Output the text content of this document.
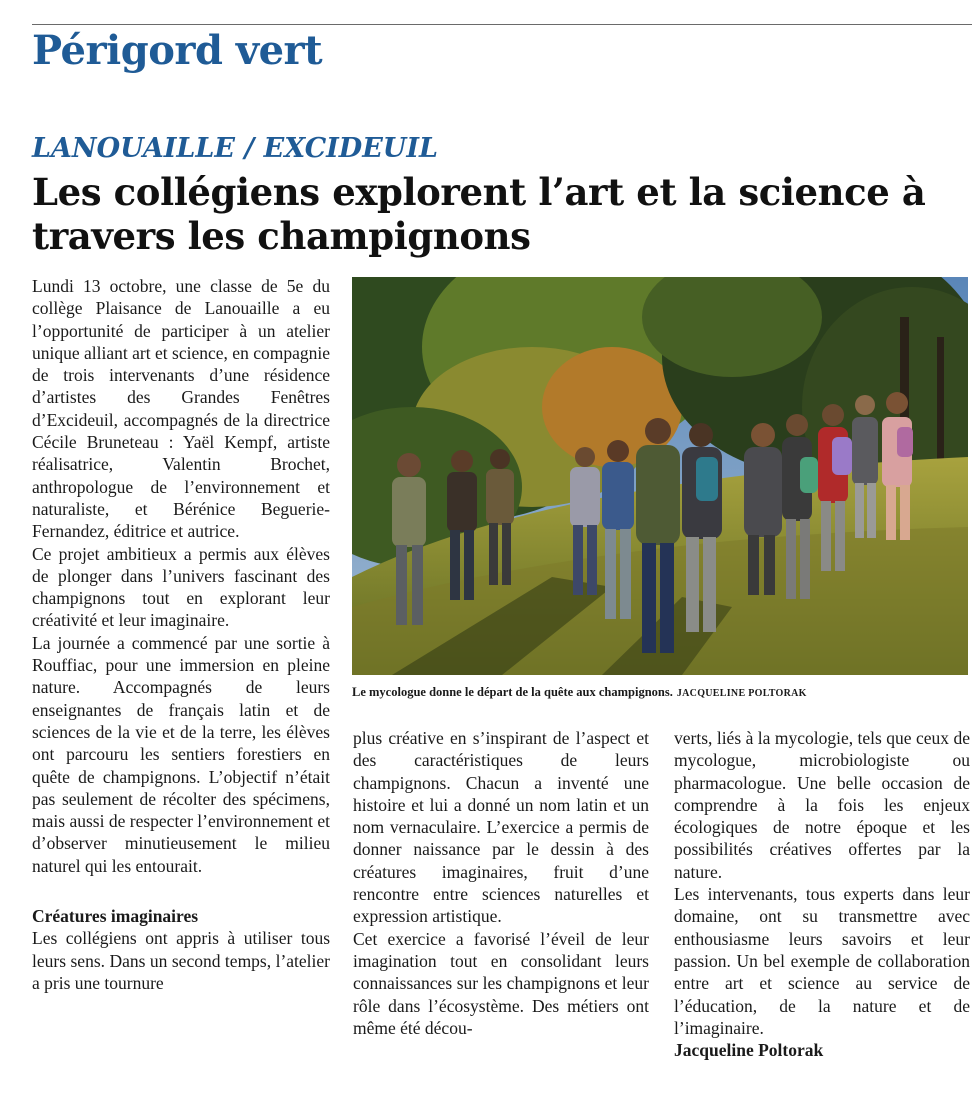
Périgord vert
LANOUAILLE / EXCIDEUIL
Les collégiens explorent l’art et la science à travers les champignons

Lundi 13 octobre, une classe de 5e du collège Plaisance de Lanouaille a eu l’opportunité de participer à un atelier unique alliant art et science, en compagnie de trois intervenants d’une résidence d’artistes des Grandes Fenêtres d’Excideuil, accompagnés de la directrice Cécile Bruneteau : Yaël Kempf, artiste réalisatrice, Valentin Brochet, anthropologue de l’environnement et naturaliste, et Bérénice Beguerie-Fernandez, éditrice et autrice.

Ce projet ambitieux a permis aux élèves de plonger dans l’univers fascinant des champignons tout en explorant leur créativité et leur imaginaire.

La journée a commencé par une sortie à Rouffiac, pour une immersion en pleine nature. Accompagnés de leurs enseignantes de français latin et de sciences de la vie et de la terre, les élèves ont parcouru les sentiers forestiers en quête de champignons. L’objectif n’était pas seulement de récolter des spécimens, mais aussi de respecter l’environnement et d’observer minutieusement le milieu naturel qui les entourait.

Créatures imaginaires

Les collégiens ont appris à utiliser tous leurs sens. Dans un second temps, l’atelier a pris une tournure

Le mycologue donne le départ de la quête aux champignons. JACQUELINE POLTORAK

plus créative en s’inspirant de l’aspect et des caractéristiques de leurs champignons. Chacun a inventé une histoire et lui a donné un nom latin et un nom vernaculaire. L’exercice a permis de donner naissance par le dessin à des créatures imaginaires, fruit d’une rencontre entre sciences naturelles et expression artistique.

Cet exercice a favorisé l’éveil de leur imagination tout en consolidant leurs connaissances sur les champignons et leur rôle dans l’écosystème. Des métiers ont même été décou-

verts, liés à la mycologie, tels que ceux de mycologue, microbiologiste ou pharmacologue. Une belle occasion de comprendre à la fois les enjeux écologiques de notre époque et les possibilités créatives offertes par la nature.

Les intervenants, tous experts dans leur domaine, ont su transmettre avec enthousiasme leurs savoirs et leur passion. Un bel exemple de collaboration entre art et science au service de l’éducation, de la nature et de l’imaginaire.

Jacqueline Poltorak
